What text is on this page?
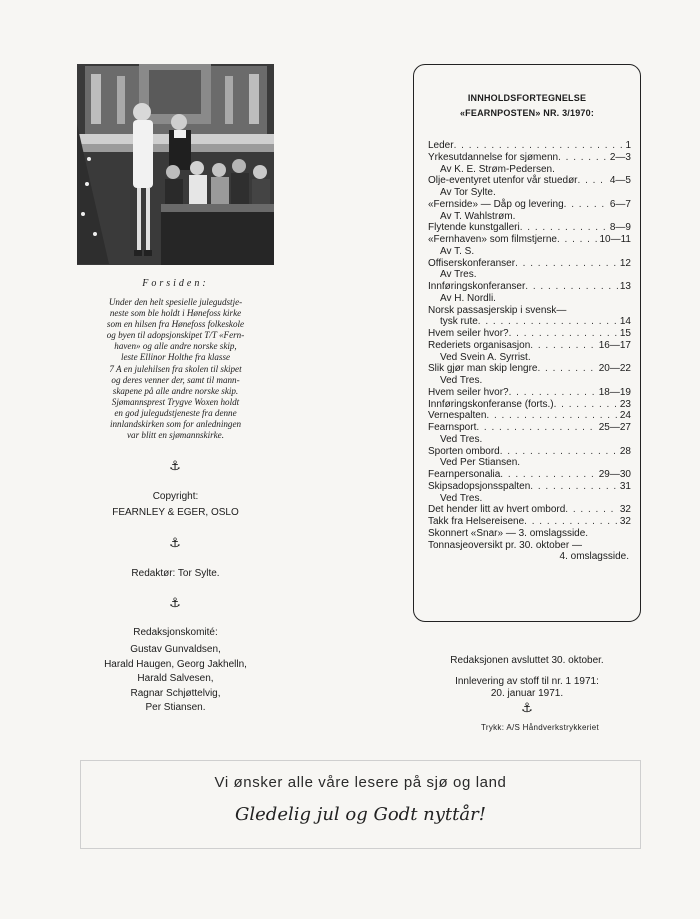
Forsiden:
Under den helt spesielle julegudstje-
neste som ble holdt i Hønefoss kirke
som en hilsen fra Hønefoss folkeskole
og byen til adopsjonskipet T/T «Fern-
haven» og alle andre norske skip,
leste Ellinor Holthe fra klasse
7 A en julehilsen fra skolen til skipet
og deres venner der, samt til mann-
skapene på alle andre norske skip.
Sjømannsprest Trygve Woxen holdt
en god julegudstjeneste fra denne
innlandskirken som for anledningen
var blitt en sjømannskirke.
⚓
Copyright:
FEARNLEY & EGER, OSLO
⚓
Redaktør: Tor Sylte.
⚓
Redaksjonskomité:
Gustav Gunvaldsen,
Harald Haugen, Georg Jakhelln,
Harald Salvesen,
Ragnar Schjøttelvig,
Per Stiansen.
INNHOLDSFORTEGNELSE
«FEARNPOSTEN» NR. 3/1970:
Leder . . .	1
Yrkesutdannelse for sjømenn . . .	2—3
Av K. E. Strøm-Pedersen.
Olje-eventyret utenfor vår stuedør . . .	4—5
Av Tor Sylte.
«Fernside» — Dåp og levering . . .	6—7
Av T. Wahlstrøm.
Flytende kunstgalleri . . .	8—9
«Fernhaven» som filmstjerne . . .	10—11
Av T. S.
Offiserskonferanser . . .	12
Av Tres.
Innføringskonferanser . . .	13
Av H. Nordli.
Norsk passasjerskip i svensk—
tysk rute . . .	14
Hvem seiler hvor? . . .	15
Rederiets organisasjon . . .	16—17
Ved Svein A. Syrrist.
Slik gjør man skip lengre . . .	20—22
Ved Tres.
Hvem seiler hvor? . . .	18—19
Innføringskonferanse (forts.) . . .	23
Vernespalten . . .	24
Fearnsport . . .	25—27
Ved Tres.
Sporten ombord . . .	28
Ved Per Stiansen.
Fearnpersonalia . . .	29—30
Skipsadopsjonsspalten . . .	31
Ved Tres.
Det hender litt av hvert ombord . . .	32
Takk fra Helsereisene . . .	32
Skonnert «Snar» — 3. omslagsside.
Tonnasjeoversikt pr. 30. oktober —
4. omslagsside.
Redaksjonen avsluttet 30. oktober.
Innlevering av stoff til nr. 1 1971:
20. januar 1971.
⚓
Trykk: A/S Håndverkstrykkeriet
Vi ønsker alle våre lesere på sjø og land
Gledelig jul og Godt nyttår!
